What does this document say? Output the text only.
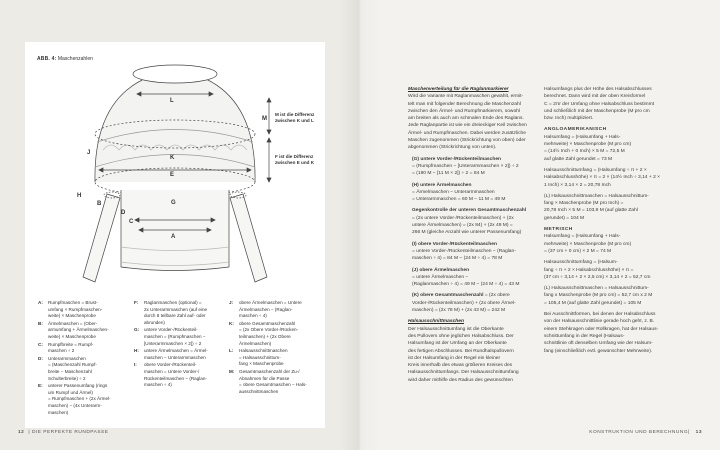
ABB. 4: Maschenzahlen
L
M
J
K
E
H
B
D
G
C
A
M ist die Differenz
zwischen K und L
F ist die Differenz
zwischen E und K
A:	Rumpfmaschen = Brust-
umfang × Rumpfmaschen-
weite) × Maschenprobe
B:	Ärmelmaschen = (Ober-
armumfang + Ärmelmaschen-
weite) × Maschenprobe
C:	Rumpfbreite = Rumpf-
maschen ÷ 2
D:	Unterarmmaschen
= (Maschenzahl Rumpf-
breite − Maschenzahl
Schulterbreite) ÷ 2
E:	unterer Passenumfang (rings
um Rumpf und Ärmel)
= Rumpfmaschen + (2x Ärmel-
maschen) − (4x Unterarm-
maschen)
F:	Raglanmaschen (optional) =
2x Unterarmmaschen (auf eine
durch 8 teilbare Zahl auf- oder
abrunden)
G:	untere Vorder-/Rückenteil-
maschen = (Rumpfmaschen −
[Unterarmmaschen × 2]) ÷ 2
H:	untere Ärmelmaschen = Ärmel-
maschen − Unterarmmaschen
I:	obere Vorder-/Rückenteil-
maschen = Untere Vorder-/
Rückenteilmaschen − (Raglan-
maschen ÷ 4)
J:	obere Ärmelmaschen = Untere
Ärmelmaschen − (Raglan-
maschen ÷ 4)
K:	obere Gesamtmaschenzahl
= (2x Obere Vorder-/Rücken-
teilmaschen) + (2x Obere
Ärmelmaschen)
L:	Halsausschnittmaschen
= Halsausschnittum-
fang × Maschenprobe
M:	Gesamtmaschenzahl der Zu-/
Abnahmen für die Passe
= obere Gesamtmaschen − Hals-
ausschnittmaschen
12 | DIE PERFEKTE RUNDPASSE
Maschenverteilung für die Raglanmarkierer
Wird die Variante mit Raglanmaschen gewählt, ermit-
telt man mit folgender Berechnung die Maschenzahl
zwischen den Ärmel- und Rumpfmarkierern, sowohl
am breiten als auch am schmalen Ende des Raglans.
Jede Raglanpartie ist wie ein dreieckiger Keil zwischen
Ärmel- und Rumpfmaschen. Dabei werden zusätzliche
Maschen zugenommen (Strickrichtung von oben) oder
abgenommen (Strickrichtung von unten).
(G) untere Vorder-/Rückenteilmaschen
= (Rumpfmaschen − [Unterarmmaschen × 2]) ÷ 2
= (190 M − [11 M × 2]) ÷ 2 = 84 M
(H) untere Ärmelmaschen
= Ärmelmaschen − Unterarmmaschen
= Unterarmmaschen = 60 M − 11 M = 49 M
Gegenkontrolle der unteren Gesamtmaschenzahl
= (2x untere Vorder-/Rückenteilmaschen) + (2x
untere Ärmelmaschen) = (2x 84) + (2x 49 M) =
266 M (gleiche Anzahl wie unterer Passenumfang)
(I) obere Vorder-/Rückenteilmaschen
= untere Vorder-/Rückenteilmaschen − (Raglan-
maschen ÷ 4) = 84 M − (24 M ÷ 4) = 78 M
(J) obere Ärmelmaschen
= untere Ärmelmaschen −
(Raglanmaschen ÷ 4) = 49 M − (24 M ÷ 4) = 43 M
(K) obere Gesamtmaschenzahl = (2x obere
Vorder-/Rückenteilmaschen) + (2x obere Ärmel-
maschen) = (2x 78 M) + (2x 43 M) = 242 M
Halsausschnittmaschen
Der Halsausschnittumfang ist die Oberkante
des Pullovers ohne jeglichen Halsabschluss. Der
Halsumfang ist der Umfang an der Oberkante
des fertigen Abschlusses. Bei Rundhalspullovern
ist der Halsumfang in der Regel ein kleiner
Kreis innerhalb des etwas größeren Kreises des
Halsausschnittumfangs. Der Halsausschnittumfang
wird daher mithilfe des Radius des gewünschten
Halsumfangs plus der Höhe des Halsabschlusses
berechnet. Dann wird mit der oben Kreisformel
C = 2πr der Umfang ohne Halsabschluss bestimmt
und schließlich mit der Maschenprobe (M pro cm
bzw. Inch) multipliziert.
ANGLOAMERIKANISCH
Halsumfang = (Halsumfang + Hals-
mehrweite) × Maschenprobe (M pro cm)
= (14½ Inch + 0 Inch) × 5 M = 72,5 M
auf glatte Zahl gerundet = 73 M
Halsausschnittumfang = (Halsumfang ÷ π + 2 ×
Halsabschlusshöhe) × π = 2 × (14½ Inch ÷ 3,14 + 2 ×
1 Inch) × 3,14 × 2 = 20,78 Inch
(L) Halsausschnittmaschen = Halsausschnittum-
fang × Maschenprobe (M pro Inch) =
20,78 Inch × 5 M = 103,9 M (auf glatte Zahl
gerundet) = 104 M
METRISCH
Halsumfang = (Halsumfang + Hals-
mehrweite) × Maschenprobe (M pro cm)
= (37 cm + 0 cm) × 2 M = 74 M
Halsausschnittumfang = (Halsum-
fang ÷ π + 2 × Halsabschlusshöhe) × π =
(37 cm ÷ 3,14 + 2 × 2,5 cm) × 3,14 × 2 = 52,7 cm
(L) Halsausschnittmaschen = Halsausschnittum-
fang x Maschenprobe (M pro cm) = 52,7 cm x 2 M
= 105,4 M (auf glatte Zahl gerundet) = 105 M
Bei Ausschnittformen, bei denen der Halsabschluss
von der Halsausschnittlinie gerade hoch geht, z. B.
einem Stehkragen oder Rollkragen, hat der Halsaus-
schnittumfang in der Regel (Halsaus-
schnittlinie oft denselben Umfang wie der Halsum-
fang (einschließlich evtl. gewünschter Mehrweite).
KONSTRUKTION UND BERECHNUNG| 13
